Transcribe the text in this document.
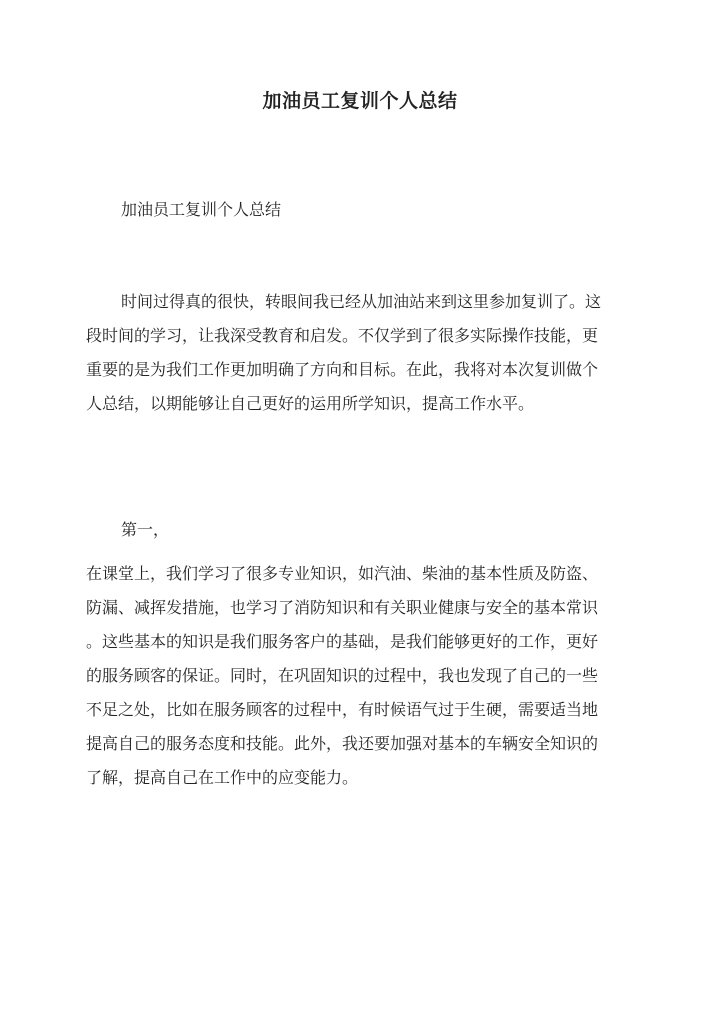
加油员工复训个人总结

加油员工复训个人总结

时间过得真的很快，转眼间我已经从加油站来到这里参加复训了。这
段时间的学习，让我深受教育和启发。不仅学到了很多实际操作技能，更
重要的是为我们工作更加明确了方向和目标。在此，我将对本次复训做个
人总结，以期能够让自己更好的运用所学知识，提高工作水平。

第一，

在课堂上，我们学习了很多专业知识，如汽油、柴油的基本性质及防盗、
防漏、减挥发措施，也学习了消防知识和有关职业健康与安全的基本常识
。这些基本的知识是我们服务客户的基础，是我们能够更好的工作，更好
的服务顾客的保证。同时，在巩固知识的过程中，我也发现了自己的一些
不足之处，比如在服务顾客的过程中，有时候语气过于生硬，需要适当地
提高自己的服务态度和技能。此外，我还要加强对基本的车辆安全知识的
了解，提高自己在工作中的应变能力。
